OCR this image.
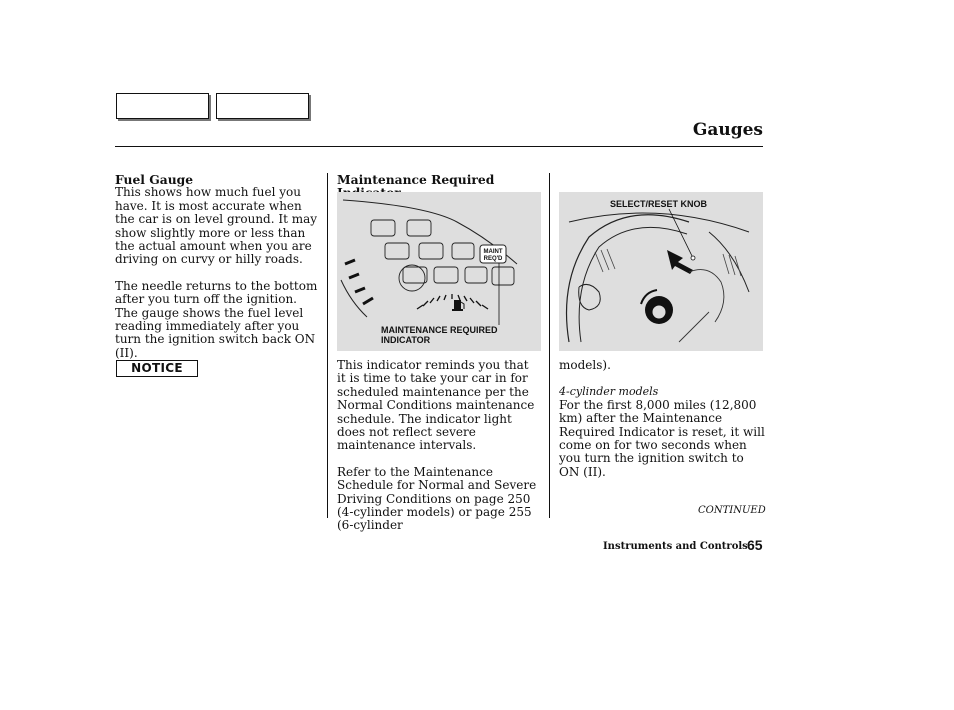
Gauges

Fuel Gauge

This shows how much fuel you have. It is most accurate when the car is on level ground. It may show slightly more or less than the actual amount when you are driving on curvy or hilly roads.

The needle returns to the bottom after you turn off the ignition. The gauge shows the fuel level reading immediately after you turn the ignition switch back ON (II).

NOTICE

Maintenance Required

MAINT
REQ'D
MAINTENANCE REQUIRED INDICATOR

This indicator reminds you that it is time to take your car in for scheduled maintenance per the Normal Conditions maintenance schedule. The indicator light does not reflect severe maintenance intervals.

Refer to the Maintenance Schedule for Normal and Severe Driving Conditions on page 250 (4-cylinder models) or page 255 (6-cylinder

SELECT/RESET KNOB

models).

4-cylinder models

For the first 8,000 miles (12,800 km) after the Maintenance Required Indicator is reset, it will come on for two seconds when you turn the ignition switch to ON (II).

CONTINUED
Instruments and Controls 65
